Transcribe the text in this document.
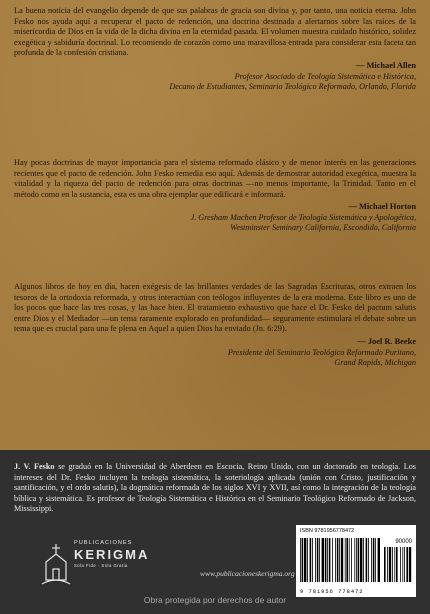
La buena noticia del evangelio depende de que sus palabras de gracia son divina y, por tanto, una noticia eterna. John Fesko nos ayuda aquí a recuperar el pacto de redención, una doctrina destinada a alertarnos sobre las raíces de la misericordia de Dios en la vida de la dicha divina en la eternidad pasada. El volumen muestra cuidado histórico, solidez exegética y sabiduría doctrinal. Lo recomiendo de corazón como una maravillosa entrada para considerar esta faceta tan profunda de la confesión cristiana.

— Michael Allen
Profesor Asociado de Teología Sistemática e Histórica,
Decano de Estudiantes, Seminario Teológico Reformado, Orlando, Florida

Hay pocas doctrinas de mayor importancia para el sistema reformado clásico y de menor interés en las generaciones recientes que el pacto de redención. John Fesko remedia eso aquí. Además de demostrar autoridad exegética, muestra la vitalidad y la riqueza del pacto de redención para otras doctrinas —no menos importante, la Trinidad. Tanto en el método como en la sustancia, esta es una obra ejemplar que edificará e informará.

— Michael Horton
J. Gresham Machen Profesor de Teología Sistemática y Apologética,
Westminster Seminary California, Escondido, California

Algunos libros de hoy en día, hacen exégesis de las brillantes verdades de las Sagradas Escrituras, otros extraen los tesoros de la ortodoxia reformada, y otros interactúan con teólogos influyentes de la era moderna. Este libro es uno de los pocos que hace las tres cosas, y las hace bien. El tratamiento exhaustivo que hace el Dr. Fesko del pactum salutis entre Dios y el Mediador —un tema raramente explorado en profundidad— seguramente estimulará el debate sobre un tema que es crucial para una fe plena en Aquel a quien Dios ha enviado (Jn. 6:29).

— Joel R. Beeke
Presidente del Seminario Teológico Reformado Puritano,
Grand Rapids, Michigan
J. V. Fesko se graduó en la Universidad de Aberdeen en Escocia, Reino Unido, con un doctorado en teología. Los intereses del Dr. Fesko incluyen la teología sistemática, la soteriología aplicada (unión con Cristo, justificación y santificación, y el ordo salutis), la dogmática reformada de los siglos XVI y XVII, así como la integración de la teología bíblica y sistemática. Es profesor de Teología Sistemática e Histórica en el Seminario Teológico Reformado de Jackson, Mississippi.
PUBLICACIONES
KERIGMA
Sola Fide · Sola Gratia
www.publicacioneskerigma.org
ISBN 9781956778472
90000
9 781956 778472
Obra protegida por derechos de autor
